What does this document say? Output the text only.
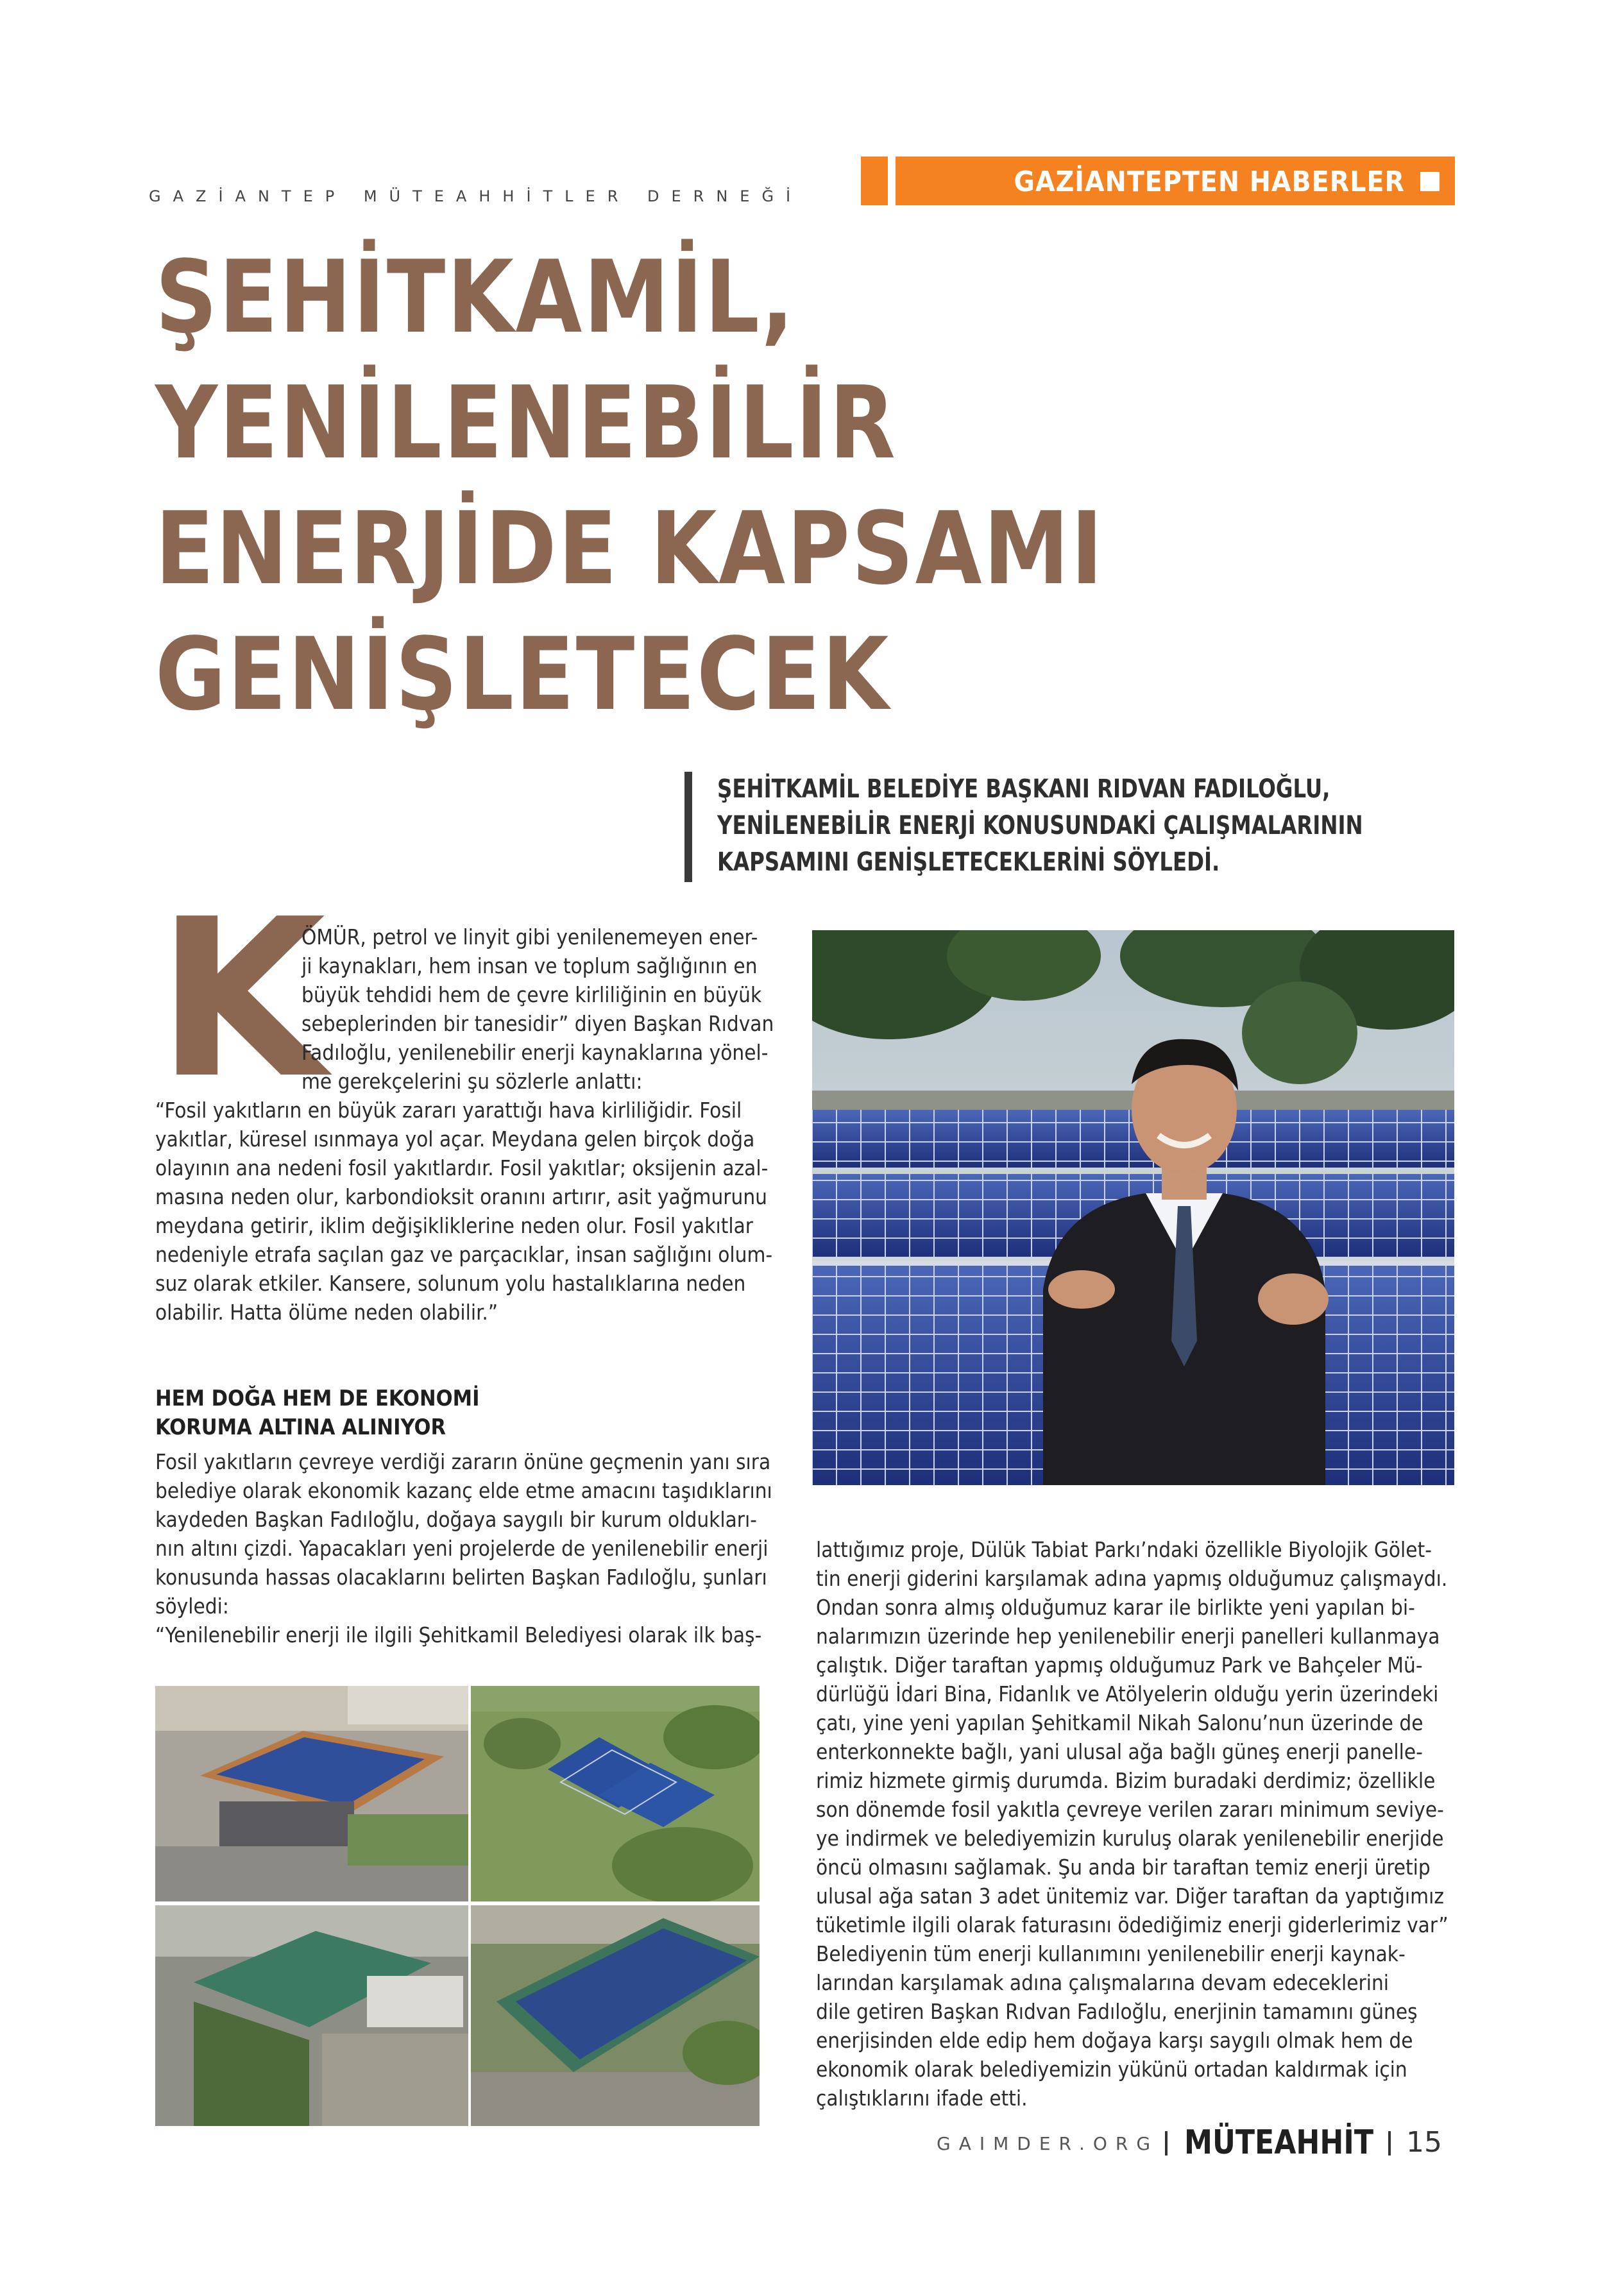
GAZİANTEP MÜTEAHHİTLER DERNEĞİ	GAZİANTEPTEN HABERLER
ŞEHİTKAMİL,
YENİLENEBİLİR
ENERJİDE KAPSAMI
GENİŞLETECEK
ŞEHİTKAMİL BELEDİYE BAŞKANI RIDVAN FADILOĞLU,
YENİLENEBİLİR ENERJİ KONUSUNDAKİ ÇALIŞMALARININ
KAPSAMINI GENİŞLETECEKLERİNİ SÖYLEDİ.
K
ÖMÜR, petrol ve linyit gibi yenilenemeyen ener-
ji kaynakları, hem insan ve toplum sağlığının en
büyük tehdidi hem de çevre kirliliğinin en büyük
sebeplerinden bir tanesidir” diyen Başkan Rıdvan
Fadıloğlu, yenilenebilir enerji kaynaklarına yönel-
me gerekçelerini şu sözlerle anlattı:
“Fosil yakıtların en büyük zararı yarattığı hava kirliliğidir. Fosil
yakıtlar, küresel ısınmaya yol açar. Meydana gelen birçok doğa
olayının ana nedeni fosil yakıtlardır. Fosil yakıtlar; oksijenin azal-
masına neden olur, karbondioksit oranını artırır, asit yağmurunu
meydana getirir, iklim değişikliklerine neden olur. Fosil yakıtlar
nedeniyle etrafa saçılan gaz ve parçacıklar, insan sağlığını olum-
suz olarak etkiler. Kansere, solunum yolu hastalıklarına neden
olabilir. Hatta ölüme neden olabilir.”
HEM DOĞA HEM DE EKONOMİ
KORUMA ALTINA ALINIYOR
Fosil yakıtların çevreye verdiği zararın önüne geçmenin yanı sıra
belediye olarak ekonomik kazanç elde etme amacını taşıdıklarını
kaydeden Başkan Fadıloğlu, doğaya saygılı bir kurum oldukları-
nın altını çizdi. Yapacakları yeni projelerde de yenilenebilir enerji
konusunda hassas olacaklarını belirten Başkan Fadıloğlu, şunları
söyledi:
“Yenilenebilir enerji ile ilgili Şehitkamil Belediyesi olarak ilk baş-
lattığımız proje, Dülük Tabiat Parkı’ndaki özellikle Biyolojik Gölet-
tin enerji giderini karşılamak adına yapmış olduğumuz çalışmaydı.
Ondan sonra almış olduğumuz karar ile birlikte yeni yapılan bi-
nalarımızın üzerinde hep yenilenebilir enerji panelleri kullanmaya
çalıştık. Diğer taraftan yapmış olduğumuz Park ve Bahçeler Mü-
dürlüğü İdari Bina, Fidanlık ve Atölyelerin olduğu yerin üzerindeki
çatı, yine yeni yapılan Şehitkamil Nikah Salonu’nun üzerinde de
enterkonnekte bağlı, yani ulusal ağa bağlı güneş enerji panelle-
rimiz hizmete girmiş durumda. Bizim buradaki derdimiz; özellikle
son dönemde fosil yakıtla çevreye verilen zararı minimum seviye-
ye indirmek ve belediyemizin kuruluş olarak yenilenebilir enerjide
öncü olmasını sağlamak. Şu anda bir taraftan temiz enerji üretip
ulusal ağa satan 3 adet ünitemiz var. Diğer taraftan da yaptığımız
tüketimle ilgili olarak faturasını ödediğimiz enerji giderlerimiz var”
Belediyenin tüm enerji kullanımını yenilenebilir enerji kaynak-
larından karşılamak adına çalışmalarına devam edeceklerini
dile getiren Başkan Rıdvan Fadıloğlu, enerjinin tamamını güneş
enerjisinden elde edip hem doğaya karşı saygılı olmak hem de
ekonomik olarak belediyemizin yükünü ortadan kaldırmak için
çalıştıklarını ifade etti.
GAIMDER.ORG MÜTEAHHİT 15
